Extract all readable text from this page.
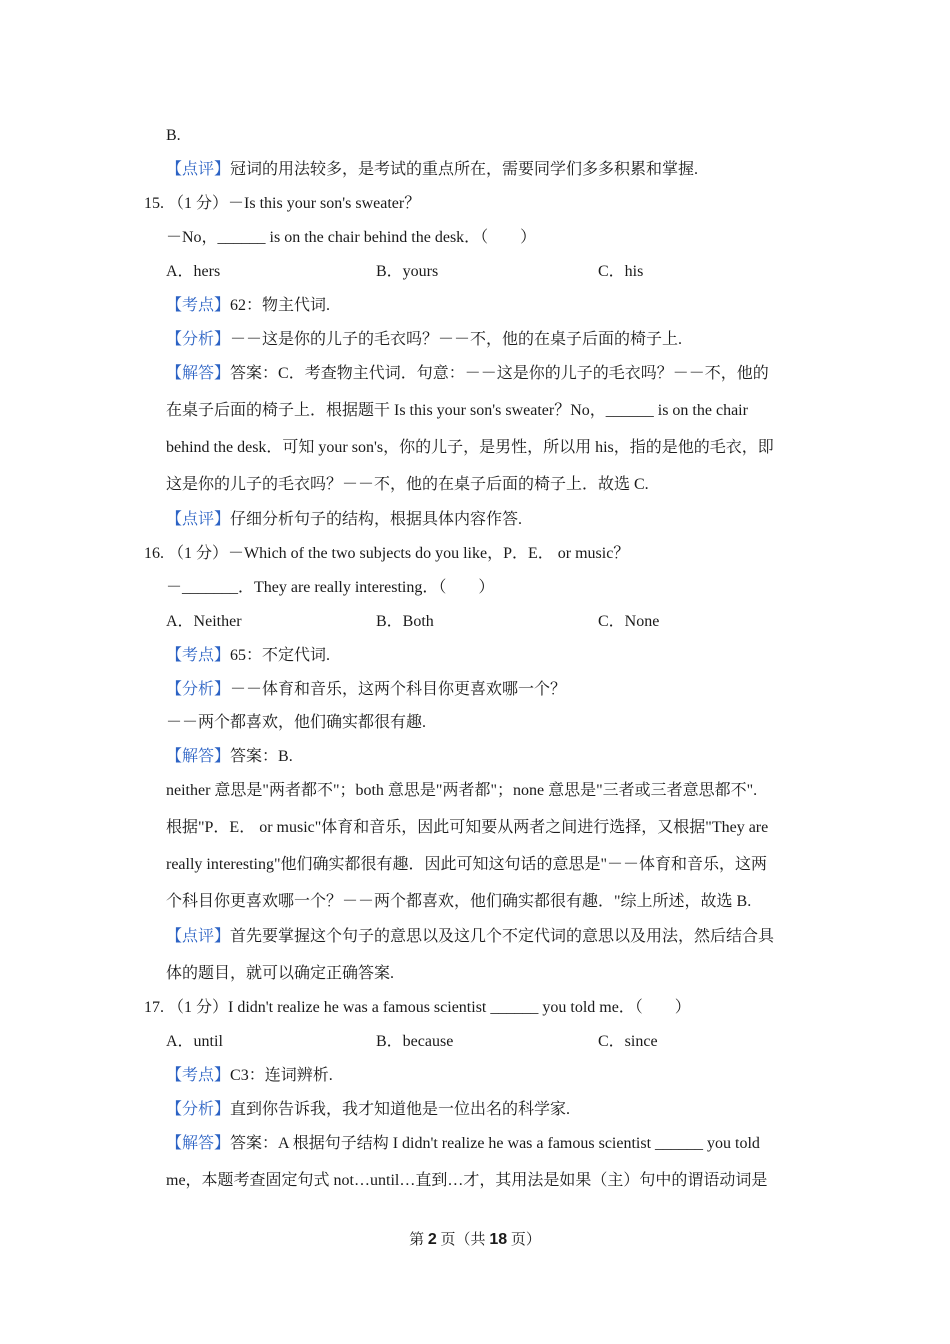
B.
【点评】冠词的用法较多，是考试的重点所在，需要同学们多多积累和掌握.
15. （1 分）－Is this your son's sweater？
－No，______ is on the chair behind the desk．（　　）
A．hers	B．yours	C．his
【考点】62：物主代词.
【分析】－－这是你的儿子的毛衣吗？－－不，他的在桌子后面的椅子上.
【解答】答案：C．考查物主代词．句意：－－这是你的儿子的毛衣吗？－－不，他的
在桌子后面的椅子上．根据题干 Is this your son's sweater？No，______ is on the chair
behind the desk．可知 your son's，你的儿子，是男性，所以用 his，指的是他的毛衣，即
这是你的儿子的毛衣吗？－－不，他的在桌子后面的椅子上．故选 C.
【点评】仔细分析句子的结构，根据具体内容作答.
16. （1 分）－Which of the two subjects do you like，P．E． or music？
－_______．They are really interesting．（　　）
A．Neither	B．Both	C．None
【考点】65：不定代词.
【分析】－－体育和音乐，这两个科目你更喜欢哪一个？
－－两个都喜欢，他们确实都很有趣.
【解答】答案：B.
neither 意思是"两者都不"；both 意思是"两者都"；none 意思是"三者或三者意思都不".
根据"P．E． or music"体育和音乐，因此可知要从两者之间进行选择，又根据"They are
really interesting"他们确实都很有趣．因此可知这句话的意思是"－－体育和音乐，这两
个科目你更喜欢哪一个？－－两个都喜欢，他们确实都很有趣．"综上所述，故选 B.
【点评】首先要掌握这个句子的意思以及这几个不定代词的意思以及用法，然后结合具
体的题目，就可以确定正确答案.
17. （1 分）I didn't realize he was a famous scientist ______ you told me．（　　）
A．until	B．because	C．since
【考点】C3：连词辨析.
【分析】直到你告诉我，我才知道他是一位出名的科学家.
【解答】答案：A 根据句子结构 I didn't realize he was a famous scientist ______ you told
me，本题考查固定句式 not…until…直到…才，其用法是如果（主）句中的谓语动词是
第 2 页（共 18 页）
